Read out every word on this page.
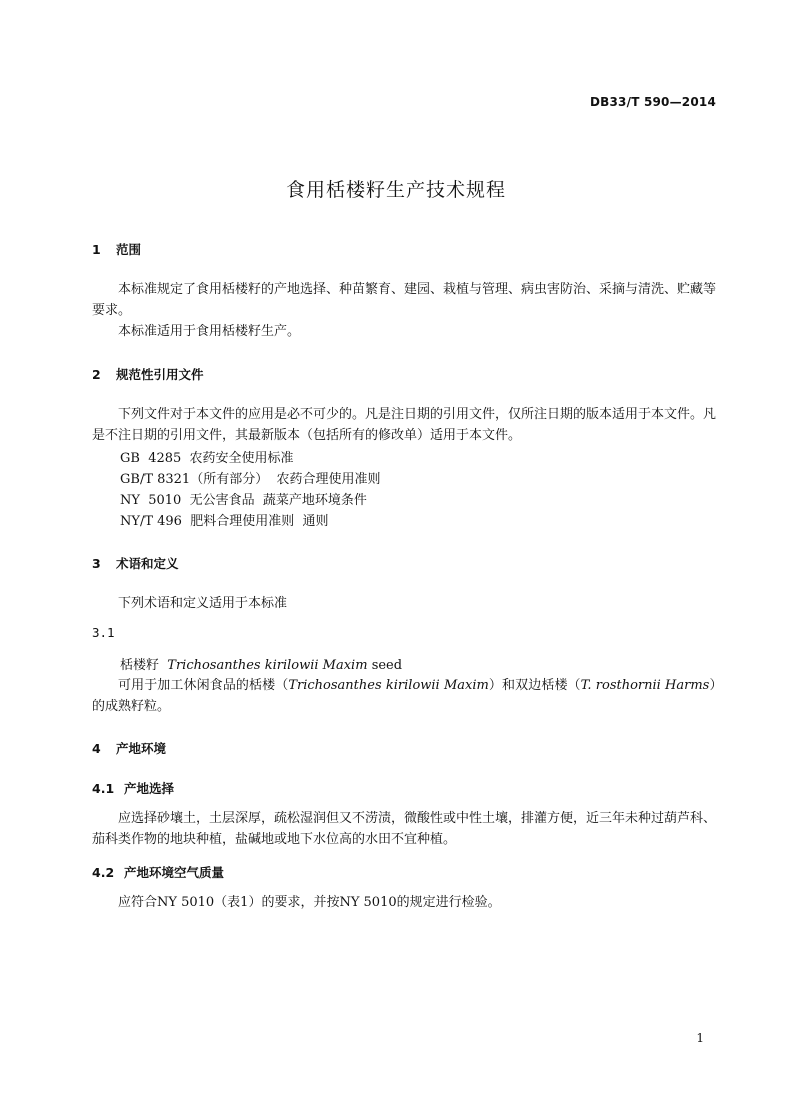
DB33/T 590—2014
食用栝楼籽生产技术规程
1 范围
本标准规定了食用栝楼籽的产地选择、种苗繁育、建园、栽植与管理、病虫害防治、采摘与清洗、贮藏等要求。
本标准适用于食用栝楼籽生产。
2 规范性引用文件
下列文件对于本文件的应用是必不可少的。凡是注日期的引用文件，仅所注日期的版本适用于本文件。凡是不注日期的引用文件，其最新版本（包括所有的修改单）适用于本文件。
GB  4285  农药安全使用标准
GB/T 8321（所有部分）  农药合理使用准则
NY  5010  无公害食品  蔬菜产地环境条件
NY/T 496  肥料合理使用准则  通则
3 术语和定义
下列术语和定义适用于本标准
3.1
栝楼籽 Trichosanthes kirilowii Maxim seed
可用于加工休闲食品的栝楼（Trichosanthes kirilowii Maxim）和双边栝楼（T. rosthornii Harms）的成熟籽粒。
4 产地环境
4.1 产地选择
应选择砂壤土，土层深厚，疏松湿润但又不涝渍，微酸性或中性土壤，排灌方便，近三年未种过葫芦科、茄科类作物的地块种植，盐碱地或地下水位高的水田不宜种植。
4.2 产地环境空气质量
应符合NY 5010（表1）的要求，并按NY 5010的规定进行检验。
1
